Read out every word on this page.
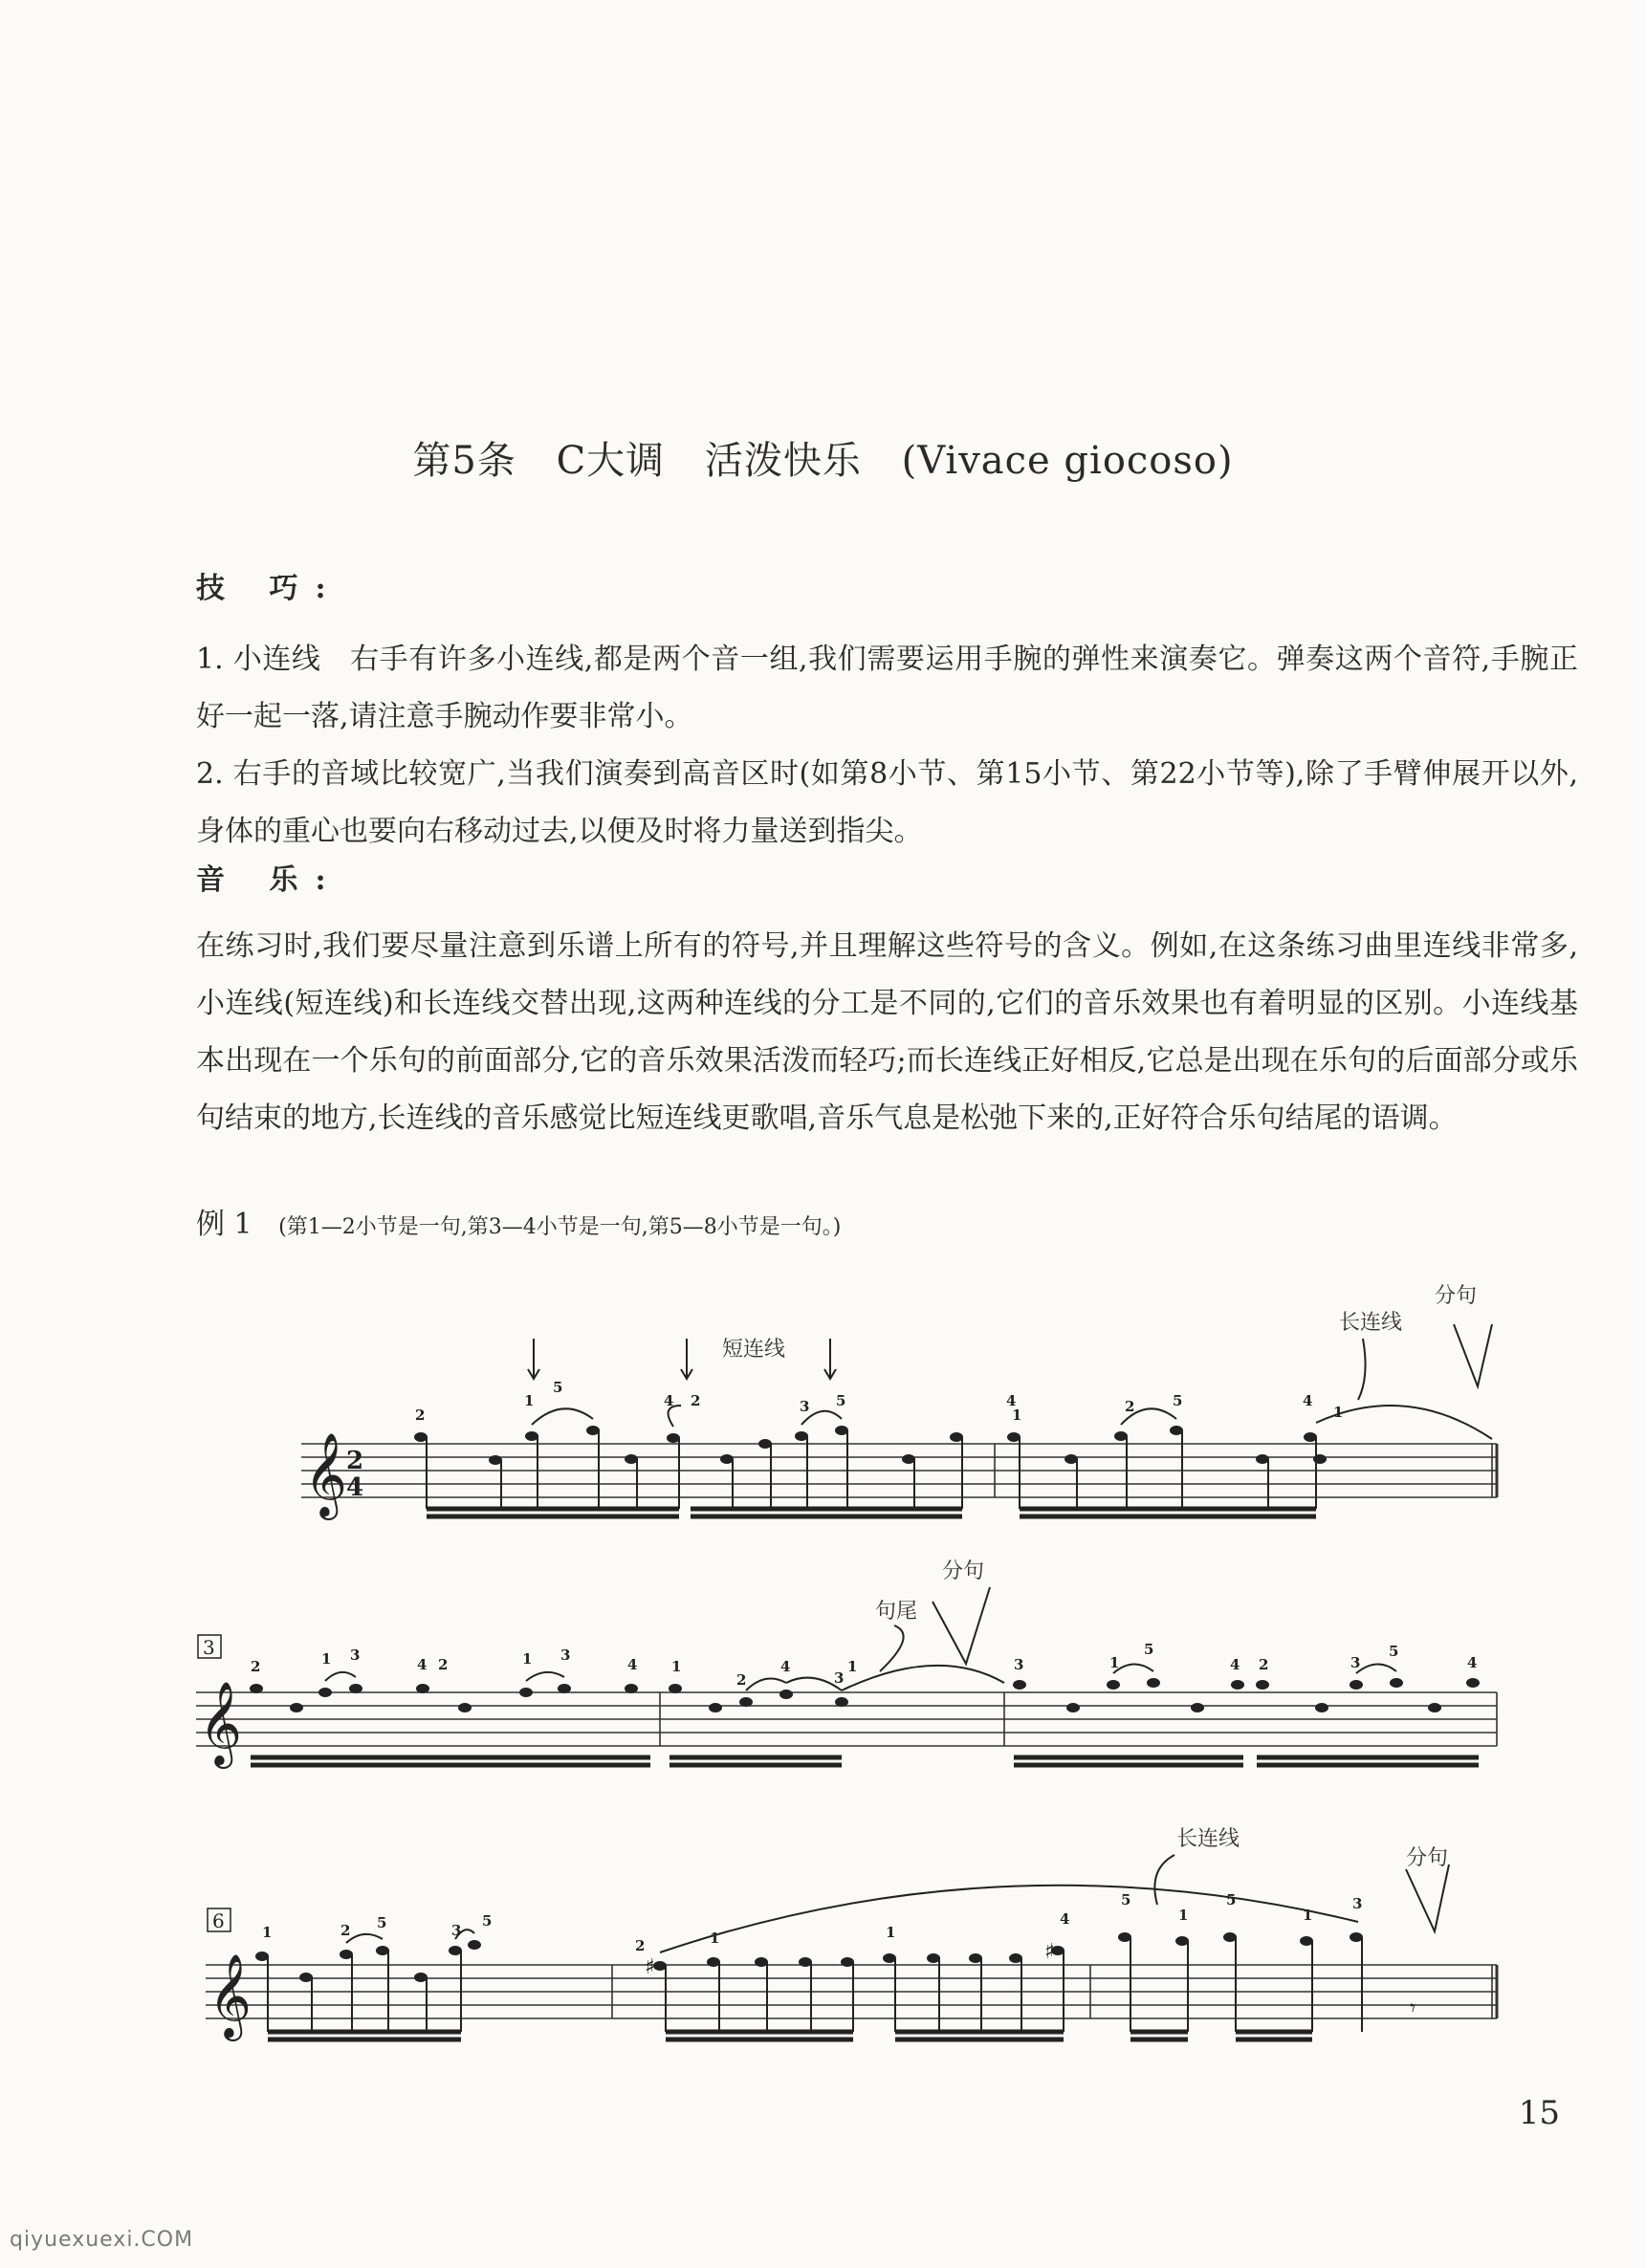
第5条 C大调 活泼快乐 (Vivace giocoso)
技 巧:
1. 小连线　右手有许多小连线,都是两个音一组,我们需要运用手腕的弹性来演奏它。弹奏这两个音符,手腕正好一起一落,请注意手腕动作要非常小。
2. 右手的音域比较宽广,当我们演奏到高音区时(如第8小节、第15小节、第22小节等),除了手臂伸展开以外,身体的重心也要向右移动过去,以便及时将力量送到指尖。
音 乐:
在练习时,我们要尽量注意到乐谱上所有的符号,并且理解这些符号的含义。例如,在这条练习曲里连线非常多,小连线(短连线)和长连线交替出现,这两种连线的分工是不同的,它们的音乐效果也有着明显的区别。小连线基本出现在一个乐句的前面部分,它的音乐效果活泼而轻巧;而长连线正好相反,它总是出现在乐句的后面部分或乐句结束的地方,长连线的音乐感觉比短连线更歌唱,音乐气息是松弛下来的,正好符合乐句结尾的语调。
例 1 (第1—2小节是一句,第3—4小节是一句,第5—8小节是一句。)
𝄞 2
4
短连线
长连线
分句
2
1
5
4 2	3 5	4
1	2	5	4
1
3
𝄞
句尾
分句
2	1 3
4 2	1 3
4 1
2
4
3
1	3	1
5
4 2	3
5
4
6
𝄞	♯
♯
𝄾
长连线
分句
1	2 5	3
5
2	1	1
4
5
1
5
1
3
15
qiyuexuexi.COM
